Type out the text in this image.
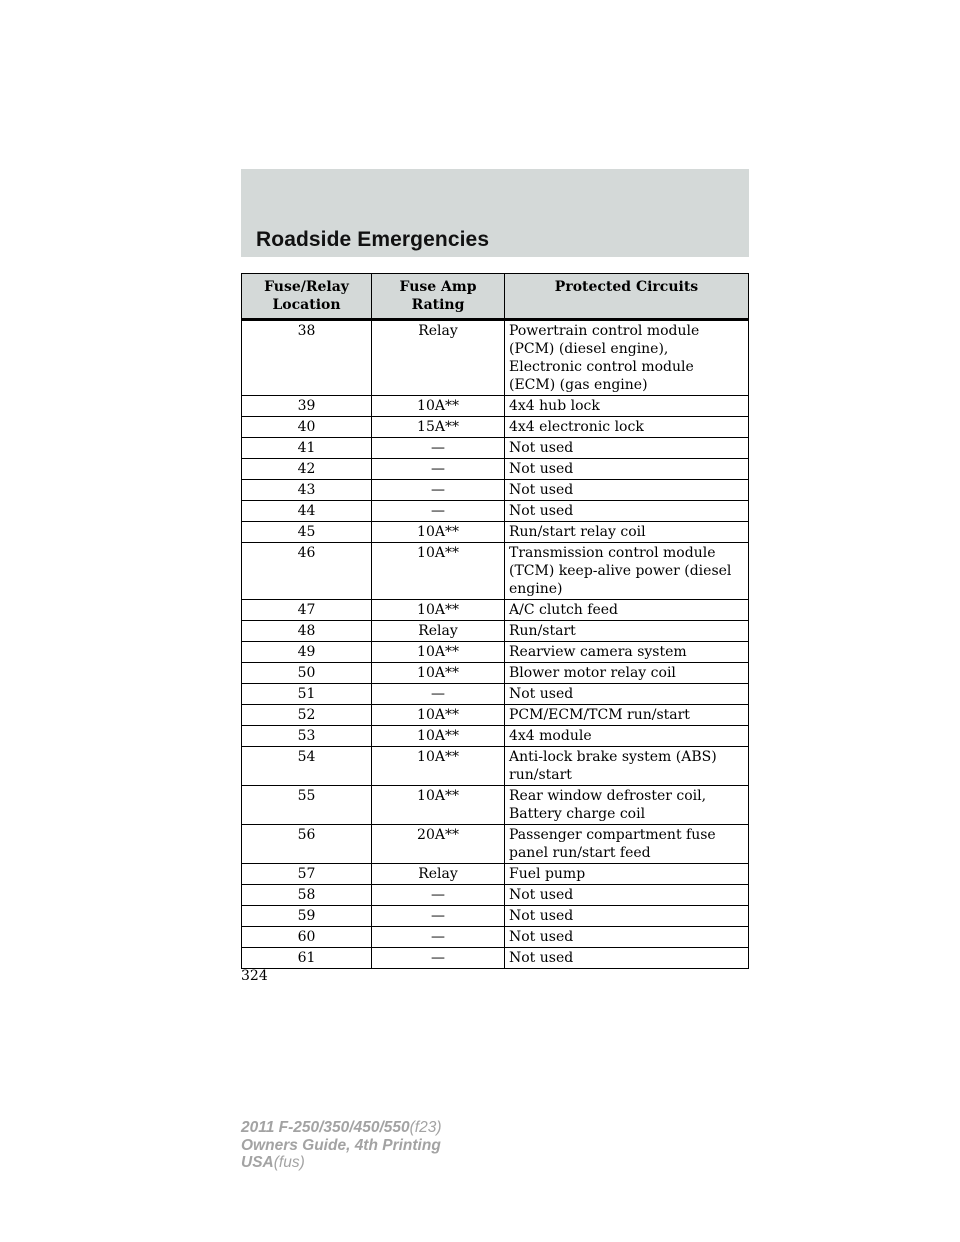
Roadside Emergencies
Fuse/Relay Location	Fuse Amp Rating	Protected Circuits
38	Relay	Powertrain control module (PCM) (diesel engine), Electronic control module (ECM) (gas engine)
39	10A**	4x4 hub lock
40	15A**	4x4 electronic lock
41	—	Not used
42	—	Not used
43	—	Not used
44	—	Not used
45	10A**	Run/start relay coil
46	10A**	Transmission control module (TCM) keep-alive power (diesel engine)
47	10A**	A/C clutch feed
48	Relay	Run/start
49	10A**	Rearview camera system
50	10A**	Blower motor relay coil
51	—	Not used
52	10A**	PCM/ECM/TCM run/start
53	10A**	4x4 module
54	10A**	Anti-lock brake system (ABS) run/start
55	10A**	Rear window defroster coil, Battery charge coil
56	20A**	Passenger compartment fuse panel run/start feed
57	Relay	Fuel pump
58	—	Not used
59	—	Not used
60	—	Not used
61	—	Not used
324
2011 F-250/350/450/550(f23)
Owners Guide, 4th Printing
USA(fus)
